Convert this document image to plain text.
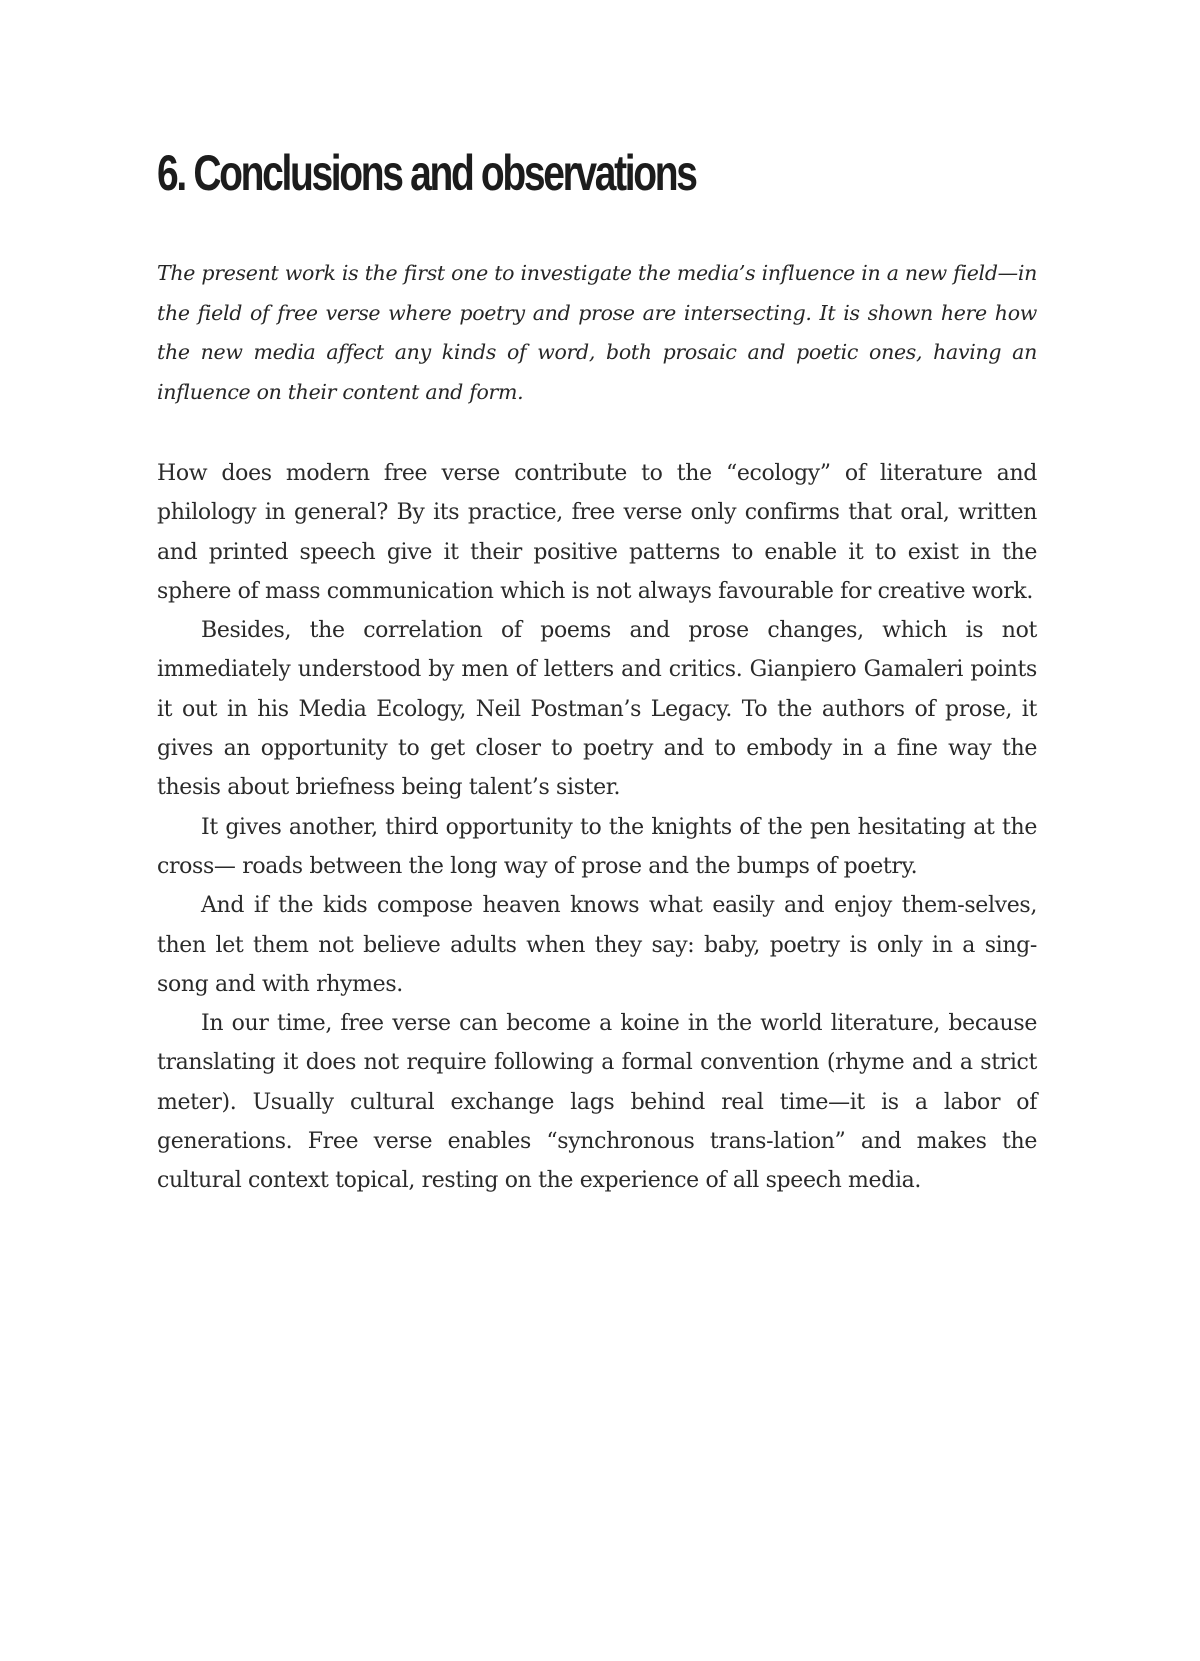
6. Conclusions and observations
The present work is the first one to investigate the media’s influence in a new field—in the field of free verse where poetry and prose are intersecting. It is shown here how the new media affect any kinds of word, both prosaic and poetic ones, having an influence on their content and form.

How does modern free verse contribute to the “ecology” of literature and philology in general? By its practice, free verse only confirms that oral, written and printed speech give it their positive patterns to enable it to exist in the sphere of mass communication which is not always favourable for creative work.

Besides, the correlation of poems and prose changes, which is not immediately understood by men of letters and critics. Gianpiero Gamaleri points it out in his Media Ecology, Neil Postman’s Legacy. To the authors of prose, it gives an opportunity to get closer to poetry and to embody in a fine way the thesis about briefness being talent’s sister.

It gives another, third opportunity to the knights of the pen hesitating at the cross— roads between the long way of prose and the bumps of poetry.

And if the kids compose heaven knows what easily and enjoy them-selves, then let them not believe adults when they say: baby, poetry is only in a sing-song and with rhymes.

In our time, free verse can become a koine in the world literature, because translating it does not require following a formal convention (rhyme and a strict meter). Usually cultural exchange lags behind real time—it is a labor of generations. Free verse enables “synchronous trans-lation” and makes the cultural context topical, resting on the experience of all speech media.
